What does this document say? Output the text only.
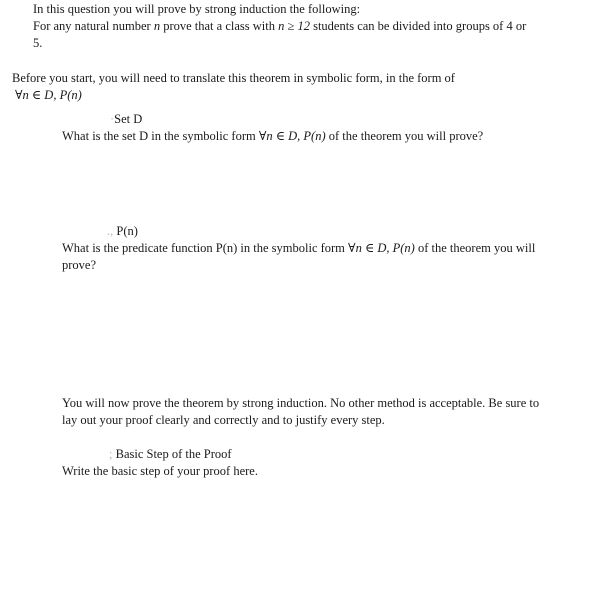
In this question you will prove by strong induction the following:

For any natural number n prove that a class with n ≥ 12 students can be divided into groups of 4 or

5.

Before you start, you will need to translate this theorem in symbolic form, in the form of

∀n ∈ D, P(n)

·Set D

What is the set D in the symbolic form ∀n ∈ D, P(n) of the theorem you will prove?

., P(n)

What is the predicate function P(n) in the symbolic form ∀n ∈ D, P(n) of the theorem you will

prove?

You will now prove the theorem by strong induction. No other method is acceptable. Be sure to

lay out your proof clearly and correctly and to justify every step.

; Basic Step of the Proof

Write the basic step of your proof here.
